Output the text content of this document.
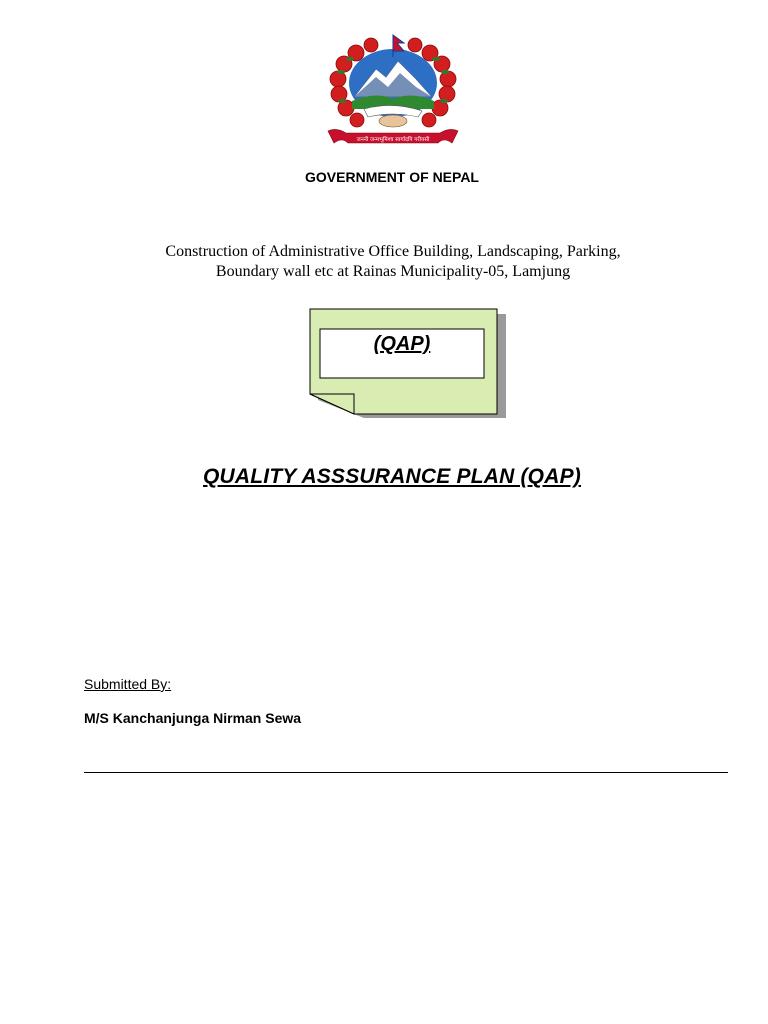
जननी जन्मभूमिश्च स्वर्गादपि गरीयसी
GOVERNMENT OF NEPAL
Construction of Administrative Office Building, Landscaping, Parking,
Boundary wall etc at Rainas Municipality-05, Lamjung
(QAP)
QUALITY ASSSURANCE PLAN (QAP)
Submitted By:
M/S Kanchanjunga Nirman Sewa
